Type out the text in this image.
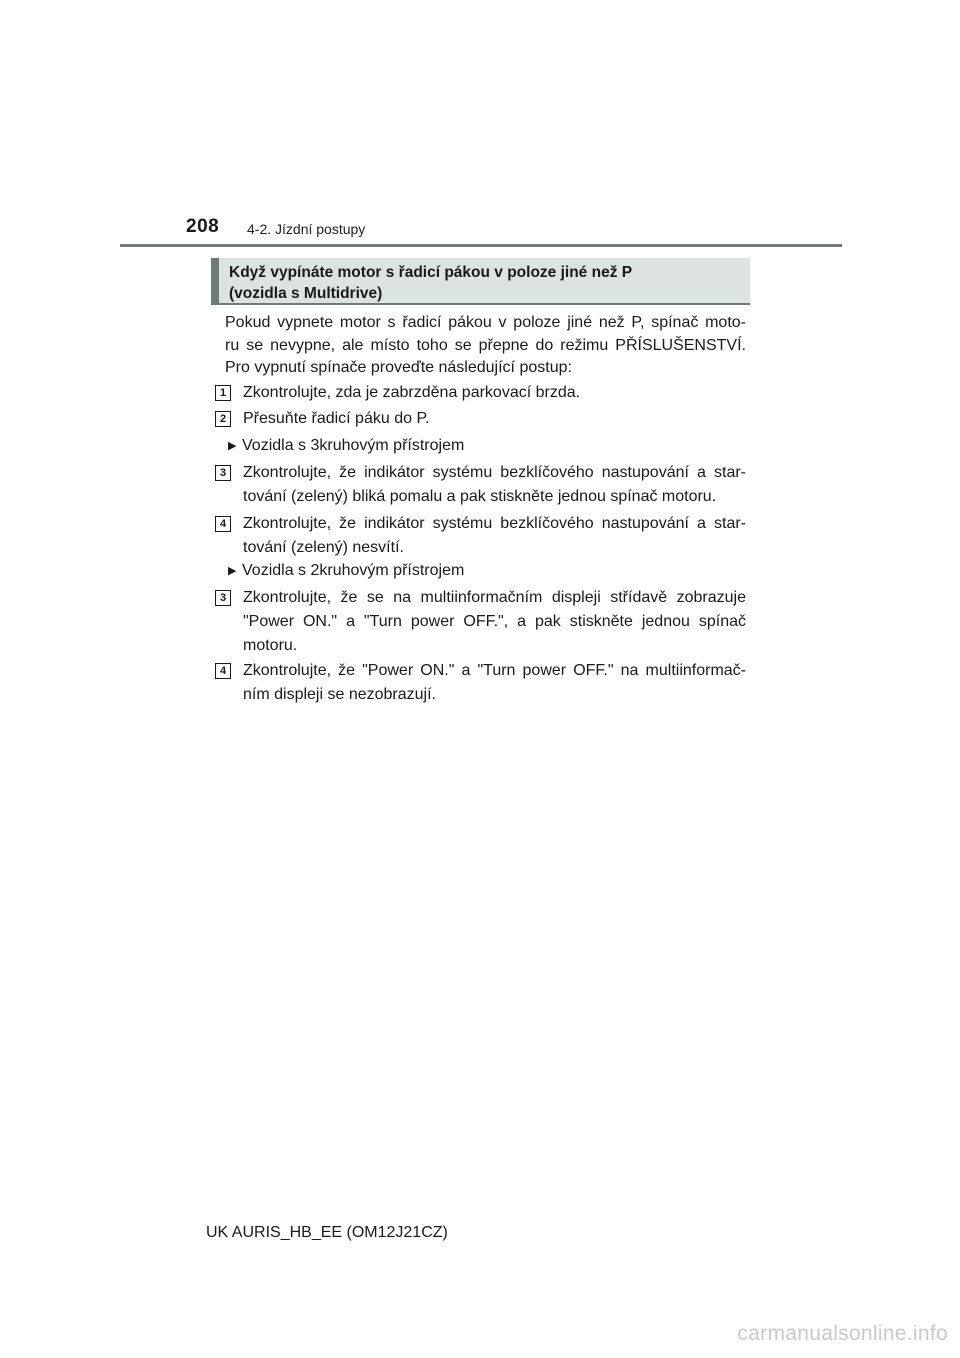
208 4-2. Jízdní postupy
Když vypínáte motor s řadicí pákou v poloze jiné než P
(vozidla s Multidrive)
Pokud vypnete motor s řadicí pákou v poloze jiné než P, spínač moto-
ru se nevypne, ale místo toho se přepne do režimu PŘÍSLUŠENSTVÍ.
Pro vypnutí spínače proveďte následující postup:
1	Zkontrolujte, zda je zabrzděna parkovací brzda.
2	Přesuňte řadicí páku do P.
▶ Vozidla s 3kruhovým přístrojem
3	Zkontrolujte, že indikátor systému bezklíčového nastupování a star-
tování (zelený) bliká pomalu a pak stiskněte jednou spínač motoru.
4	Zkontrolujte, že indikátor systému bezklíčového nastupování a star-
tování (zelený) nesvítí.
▶ Vozidla s 2kruhovým přístrojem
3	Zkontrolujte, že se na multiinformačním displeji střídavě zobrazuje
"Power ON." a "Turn power OFF.", a pak stiskněte jednou spínač
motoru.
4	Zkontrolujte, že "Power ON." a "Turn power OFF." na multiinformač-
ním displeji se nezobrazují.
UK AURIS_HB_EE (OM12J21CZ)
carmanualsonline.info
